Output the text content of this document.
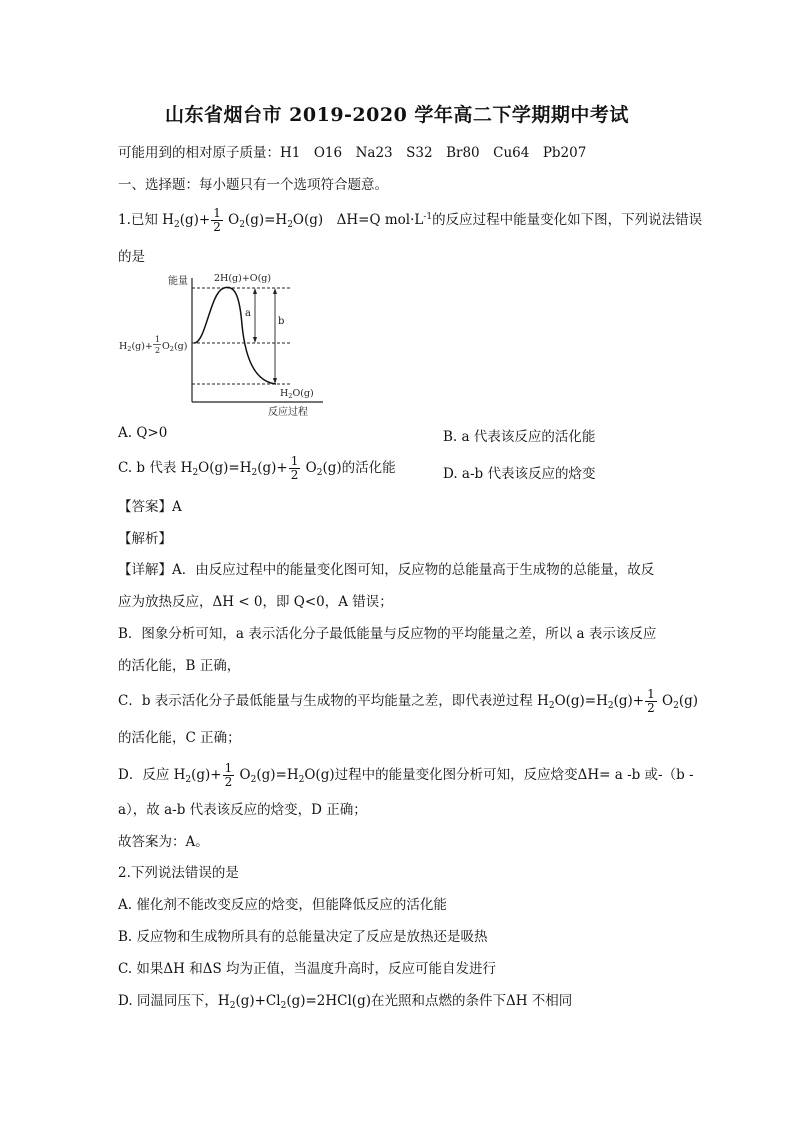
山东省烟台市 2019-2020 学年高二下学期期中考试
可能用到的相对原子质量：H1　O16　Na23　S32　Br80　Cu64　Pb207
一、选择题：每小题只有一个选项符合题意。
1.已知 $H_2(g)+ \frac{1}{2} O_2(g)=H_2O(g)$　ΔH=Q $mol\cdot L^{-1}$的反应过程中能量变化如下图，下列说法错误
的是
a
b
能量	2H(g)+O(g)
$H_2(g)+$
1
2 $O_2(g)$
$H_2O(g)$
反应过程
A. Q>0	B. a 代表该反应的活化能
C. b 代表 $H_2O(g)=H_2(g)+ \frac{1}{2} O_2(g)$的活化能	D. a-b 代表该反应的焓变
【答案】A
【解析】
【详解】A．由反应过程中的能量变化图可知，反应物的总能量高于生成物的总能量，故反
应为放热反应，ΔH < 0，即 Q<0，A 错误；
B．图象分析可知，a 表示活化分子最低能量与反应物的平均能量之差，所以 a 表示该反应
的活化能，B 正确，
C．b 表示活化分子最低能量与生成物的平均能量之差，即代表逆过程 $H_2O(g)=H_2(g)+ \frac{1}{2} O_2(g)$
的活化能，C 正确；
D．反应 $H_2(g)+ \frac{1}{2} O_2(g)=H_2O(g)$过程中的能量变化图分析可知，反应焓变ΔH= a -b 或-（b -
a），故 a-b 代表该反应的焓变，D 正确；
故答案为：A。
2.下列说法错误的是
A. 催化剂不能改变反应的焓变，但能降低反应的活化能
B. 反应物和生成物所具有的总能量决定了反应是放热还是吸热
C. 如果ΔH 和ΔS 均为正值，当温度升高时，反应可能自发进行
D. 同温同压下，$H_2(g)+Cl_2(g)=2HCl(g)$在光照和点燃的条件下ΔH 不相同
